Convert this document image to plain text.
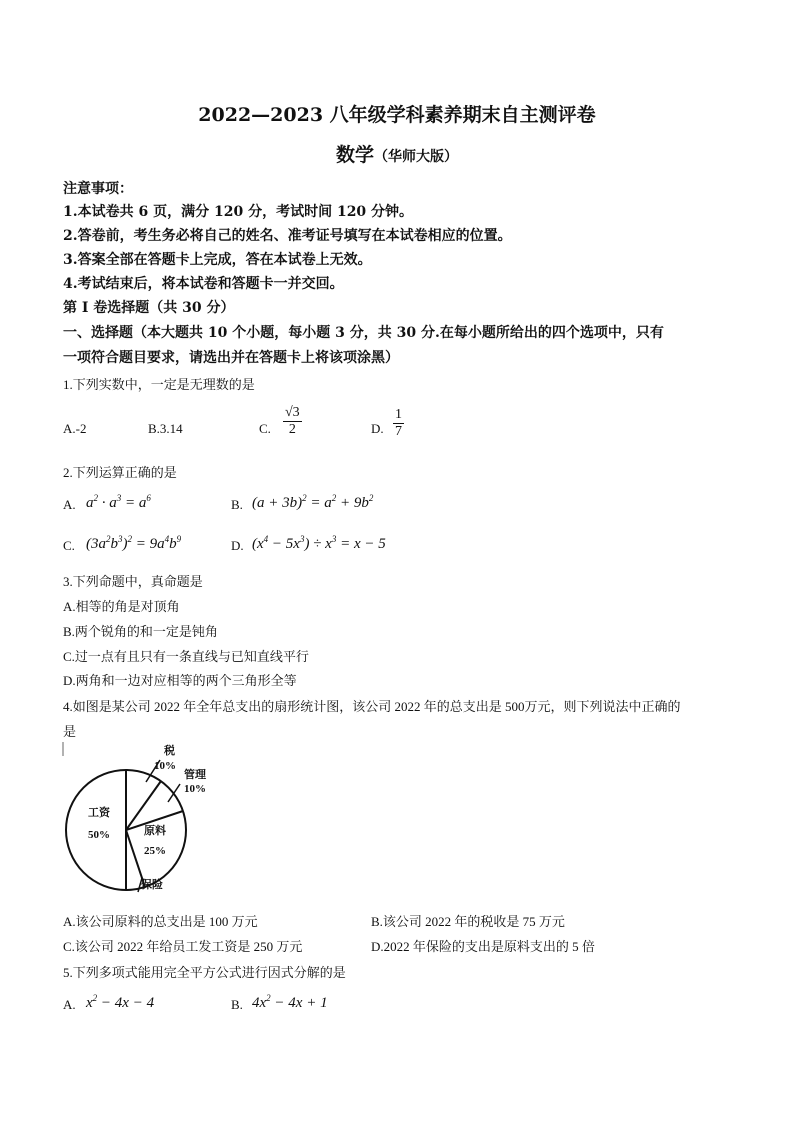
2022—2023 八年级学科素养期末自主测评卷
数学（华师大版）
注意事项：
1.本试卷共 6 页，满分 120 分，考试时间 120 分钟。
2.答卷前，考生务必将自己的姓名、准考证号填写在本试卷相应的位置。
3.答案全部在答题卡上完成，答在本试卷上无效。
4.考试结束后，将本试卷和答题卡一并交回。
第 I 卷选择题（共 30 分）
一、选择题（本大题共 10 个小题，每小题 3 分，共 30 分.在每小题所给出的四个选项中，只有
一项符合题目要求，请选出并在答题卡上将该项涂黑）
1.下列实数中，一定是无理数的是
A.-2	B.3.14	C. $\frac{√3}{2}$	D. $\frac{1}{7}$
2.下列运算正确的是
A. $a^2 \cdot a^3 = a^6$	B. $(a + 3b)^2 = a^2 + 9b^2$
C. $(3a^2b^3)^2 = 9a^4b^9$	D. $(x^4 - 5x^3) \div x^3 = x - 5$
3.下列命题中，真命题是
A.相等的角是对顶角
B.两个锐角的和一定是钝角
C.过一点有且只有一条直线与已知直线平行
D.两角和一边对应相等的两个三角形全等
4.如图是某公司 2022 年全年总支出的扇形统计图，该公司 2022 年的总支出是 500万元，则下列说法中正确的
是
工资
50%	原料
25%
管理
10%
税
10%
保险
A.该公司原料的总支出是 100 万元	B.该公司 2022 年的税收是 75 万元
C.该公司 2022 年给员工发工资是 250 万元	D.2022 年保险的支出是原料支出的 5 倍
5.下列多项式能用完全平方公式进行因式分解的是
A. $x^2 - 4x - 4$	B. $4x^2 - 4x + 1$
